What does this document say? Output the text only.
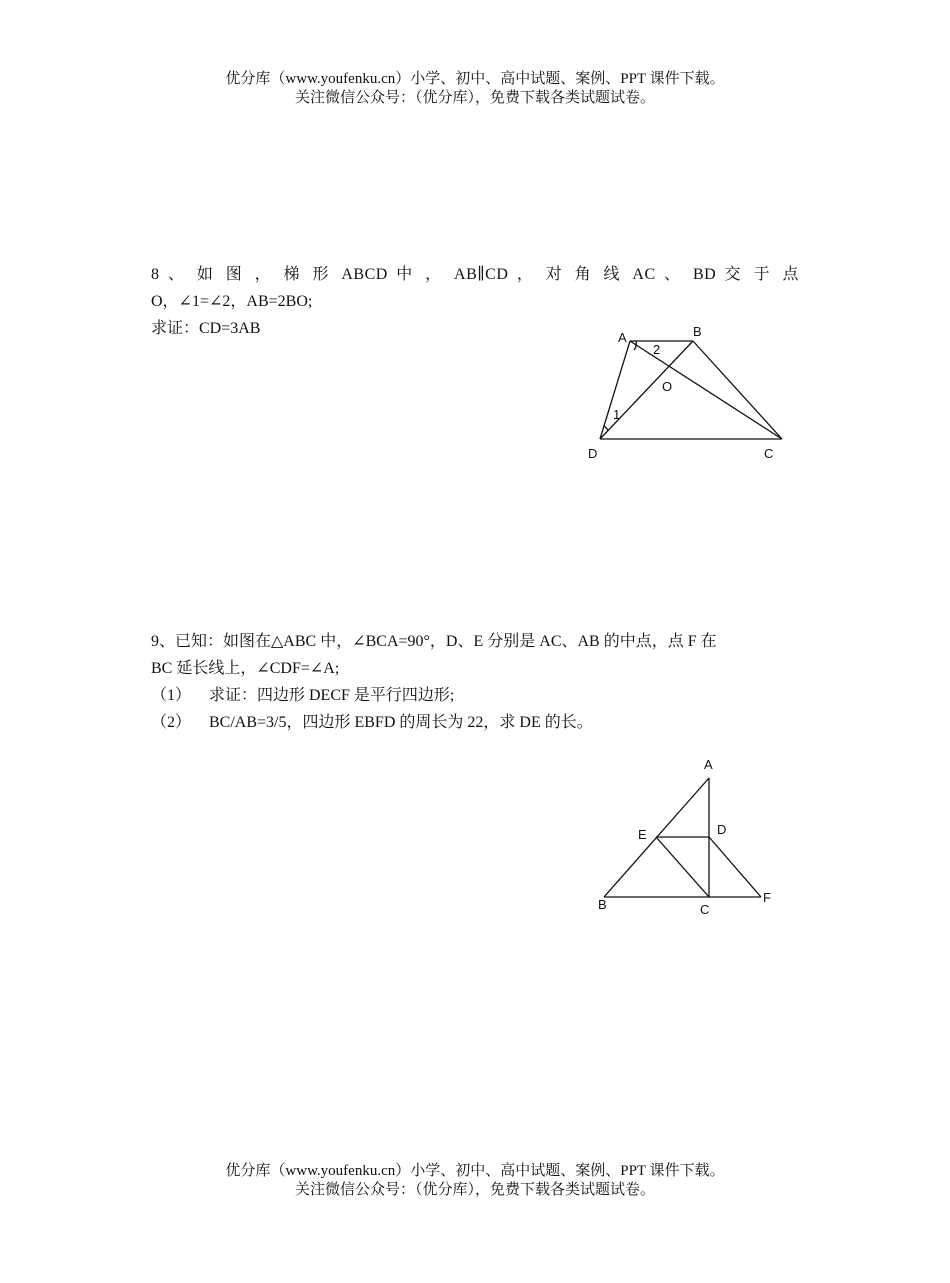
优分库（www.youfenku.cn）小学、初中、高中试题、案例、PPT 课件下载。
关注微信公众号：（优分库），免费下载各类试题试卷。
8 、 如 图 ， 梯 形 ABCD 中 ， AB∥CD ， 对 角 线 AC 、 BD 交 于 点
O，∠1=∠2，AB=2BO;
求证：CD=3AB
A	B
C
D
O
1
2
9、已知：如图在△ABC 中，∠BCA=90°，D、E 分别是 AC、AB 的中点，点 F 在
BC 延长线上，∠CDF=∠A;
（1） 求证：四边形 DECF 是平行四边形;
（2） BC/AB=3/5，四边形 EBFD 的周长为 22，求 DE 的长。
A
E	D
B	C
F
优分库（www.youfenku.cn）小学、初中、高中试题、案例、PPT 课件下载。
关注微信公众号：（优分库），免费下载各类试题试卷。
